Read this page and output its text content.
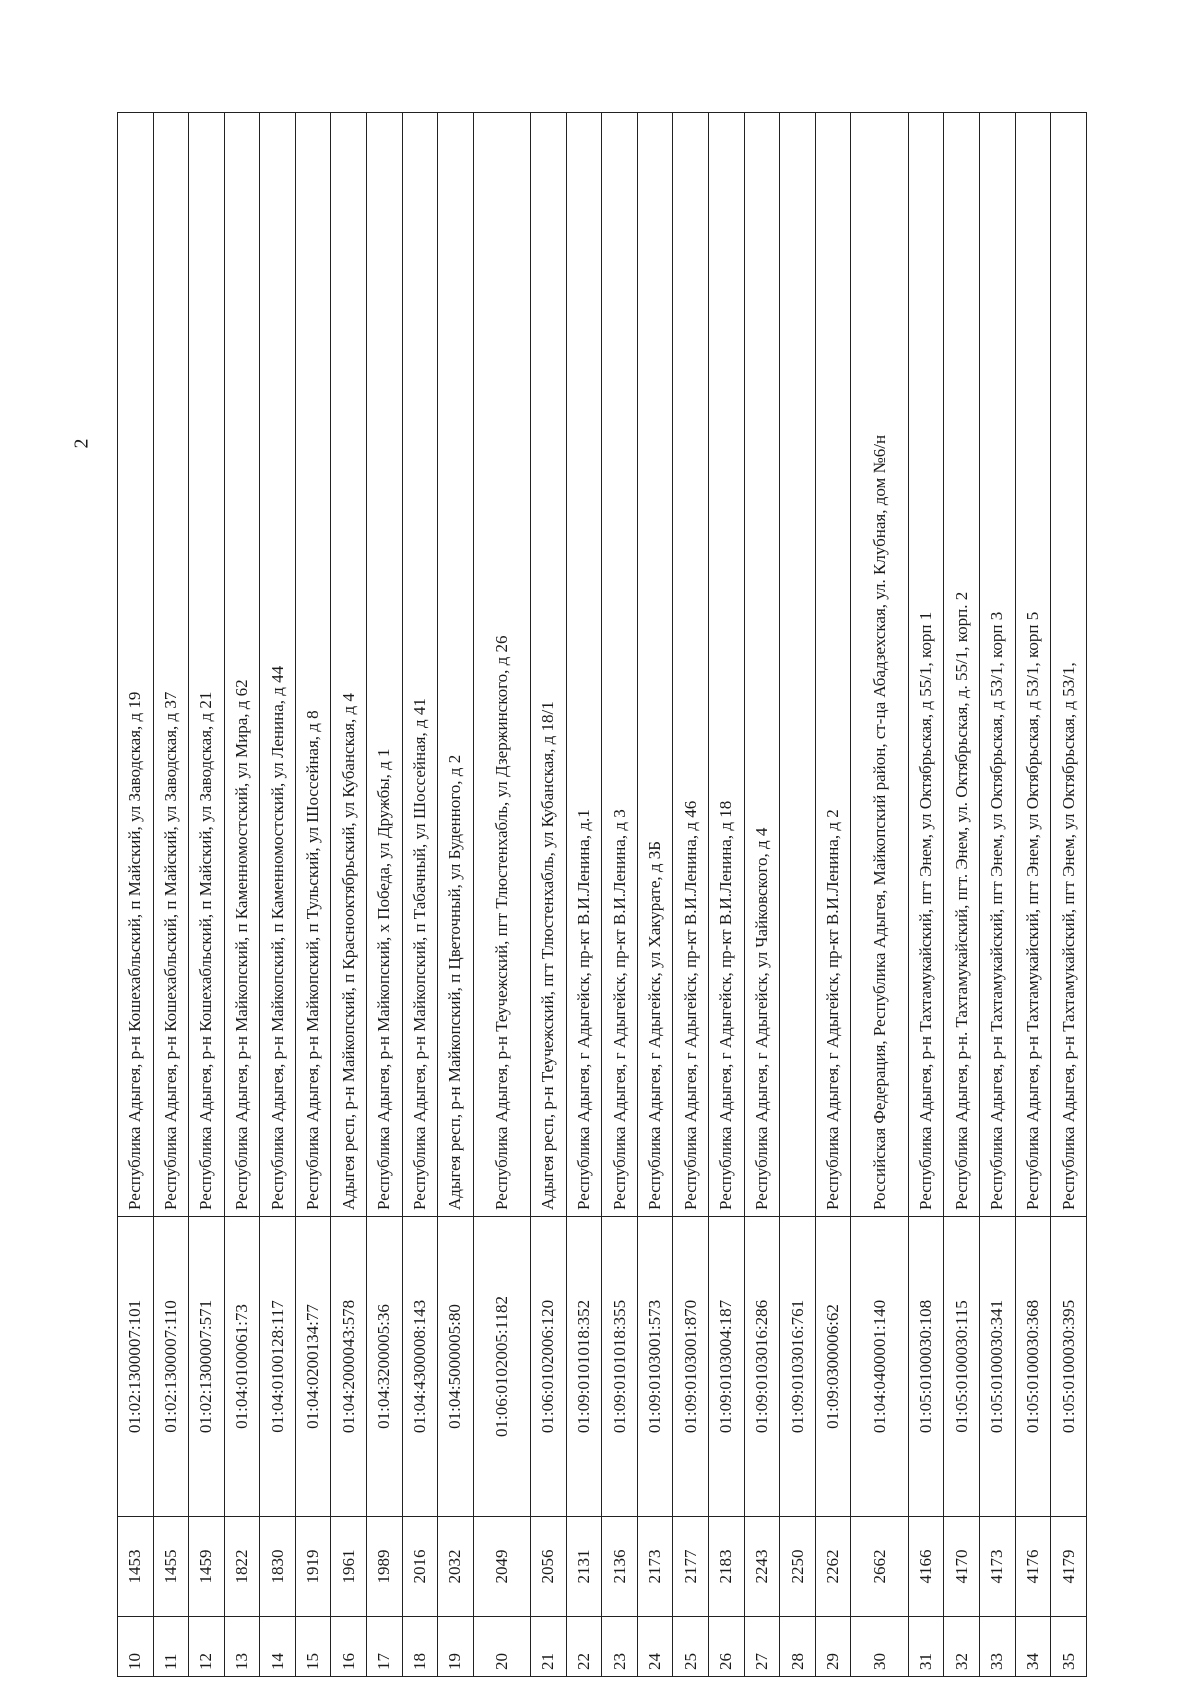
2
10	1453	01:02:1300007:101	Республика Адыгея, р-н Кошехабльский, п Майский, ул Заводская, д 19
11	1455	01:02:1300007:110	Республика Адыгея, р-н Кошехабльский, п Майский, ул Заводская, д 37
12	1459	01:02:1300007:571	Республика Адыгея, р-н Кошехабльский, п Майский, ул Заводская, д 21
13	1822	01:04:0100061:73	Республика Адыгея, р-н Майкопский, п Каменномостский, ул Мира, д 62
14	1830	01:04:0100128:117	Республика Адыгея, р-н Майкопский, п Каменномостский, ул Ленина, д 44
15	1919	01:04:0200134:77	Республика Адыгея, р-н Майкопский, п Тульский, ул Шоссейная, д 8
16	1961	01:04:2000043:578	Адыгея респ, р-н Майкопский, п Краснооктябрьский, ул Кубанская, д 4
17	1989	01:04:3200005:36	Республика Адыгея, р-н Майкопский, х Победа, ул Дружбы, д 1
18	2016	01:04:4300008:143	Республика Адыгея, р-н Майкопский, п Табачный, ул Шоссейная, д 41
19	2032	01:04:5000005:80	Адыгея респ, р-н Майкопский, п Цветочный, ул Буденного, д 2
20	2049	01:06:0102005:1182	Республика Адыгея, р-н Теучежский, пгт Тлюстенхабль, ул Дзержинского, д 26
21	2056	01:06:0102006:120	Адыгея респ, р-н Теучежский, пгт Тлюстенхабль, ул Кубанская, д 18/1
22	2131	01:09:0101018:352	Республика Адыгея, г Адыгейск, пр-кт В.И.Ленина, д.1
23	2136	01:09:0101018:355	Республика Адыгея, г Адыгейск, пр-кт В.И.Ленина, д 3
24	2173	01:09:0103001:573	Республика Адыгея, г Адыгейск, ул Хакурате, д 3Б
25	2177	01:09:0103001:870	Республика Адыгея, г Адыгейск, пр-кт В.И.Ленина, д 46
26	2183	01:09:0103004:187	Республика Адыгея, г Адыгейск, пр-кт В.И.Ленина, д 18
27	2243	01:09:0103016:286	Республика Адыгея, г Адыгейск, ул Чайковского, д 4
28	2250	01:09:0103016:761	
29	2262	01:09:0300006:62	Республика Адыгея, г Адыгейск, пр-кт В.И.Ленина, д 2
30	2662	01:04:0400001:140	Российская Федерация, Республика Адыгея, Майкопский район, ст-ца Абадзехская, ул. Клубная, дом №6/н
31	4166	01:05:0100030:108	Республика Адыгея, р-н Тахтамукайский, пгт Энем, ул Октябрьская, д 55/1, корп 1
32	4170	01:05:0100030:115	Республика Адыгея, р-н. Тахтамукайский, пгт. Энем, ул. Октябрьская, д. 55/1, корп. 2
33	4173	01:05:0100030:341	Республика Адыгея, р-н Тахтамукайский, пгт Энем, ул Октябрьская, д 53/1, корп 3
34	4176	01:05:0100030:368	Республика Адыгея, р-н Тахтамукайский, пгт Энем, ул Октябрьская, д 53/1, корп 5
35	4179	01:05:0100030:395	Республика Адыгея, р-н Тахтамукайский, пгт Энем, ул Октябрьская, д 53/1,
